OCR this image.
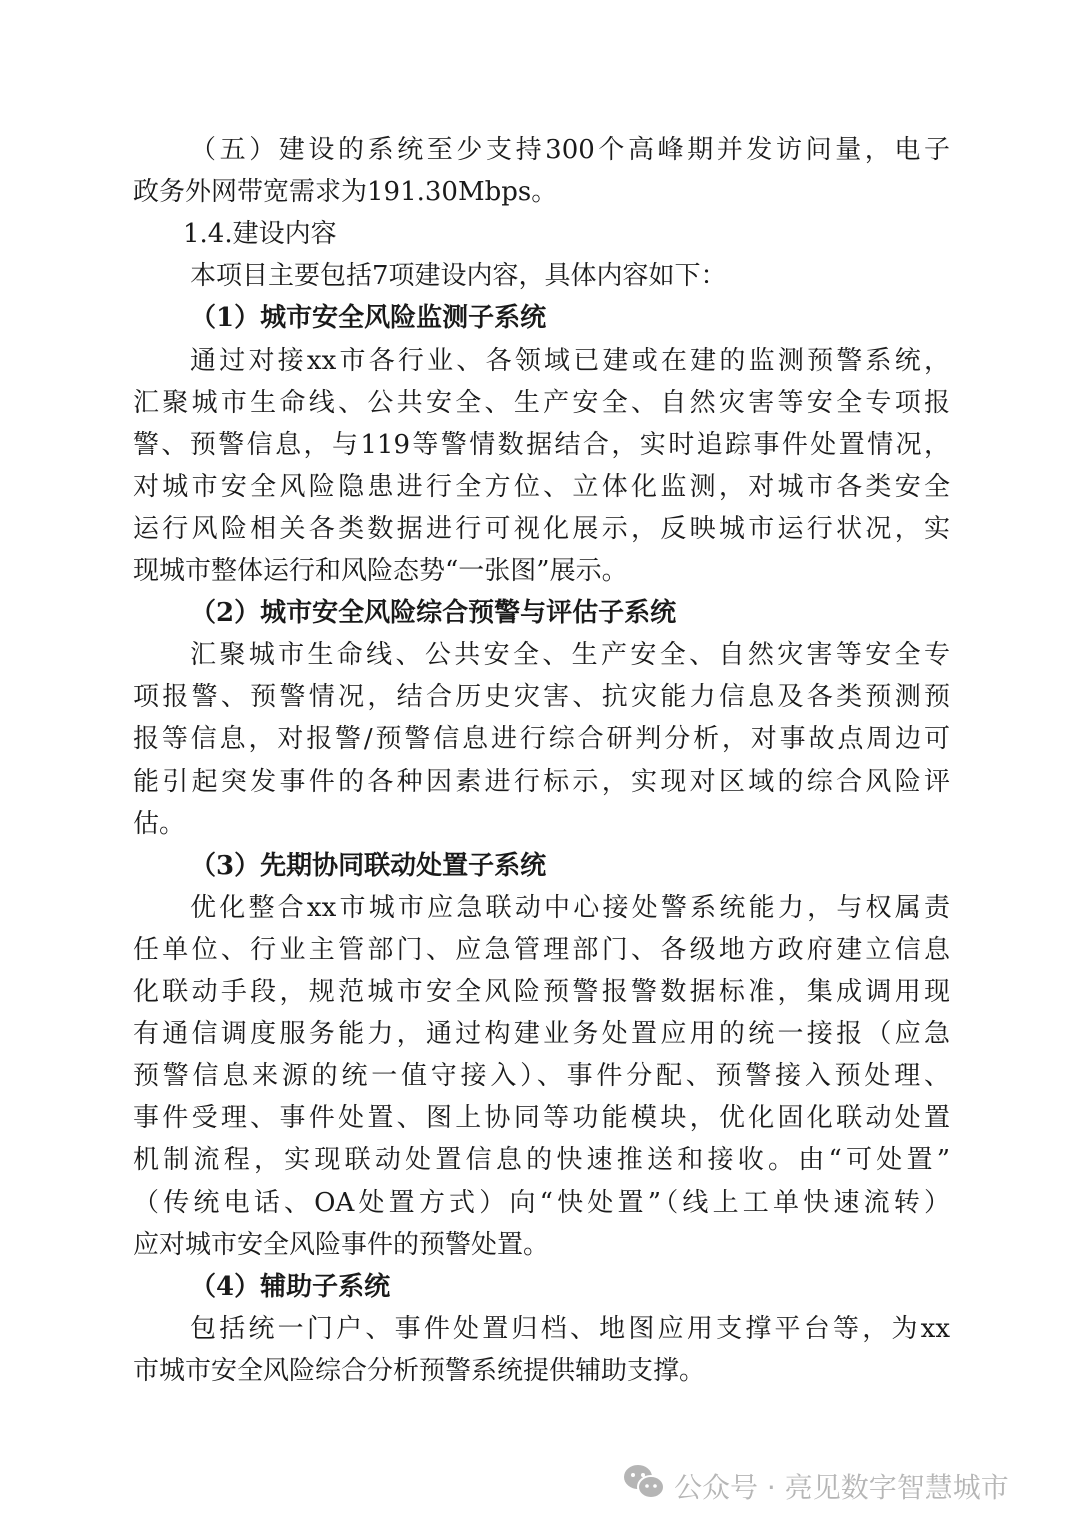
（五）建设的系统至少支持300个高峰期并发访问量，电子
政务外网带宽需求为191.30Mbps。
1.4.建设内容
本项目主要包括7项建设内容，具体内容如下：
（1）城市安全风险监测子系统
通过对接xx市各行业、各领域已建或在建的监测预警系统，
汇聚城市生命线、公共安全、生产安全、自然灾害等安全专项报
警、预警信息，与119等警情数据结合，实时追踪事件处置情况，
对城市安全风险隐患进行全方位、立体化监测，对城市各类安全
运行风险相关各类数据进行可视化展示，反映城市运行状况，实
现城市整体运行和风险态势“一张图”展示。
（2）城市安全风险综合预警与评估子系统
汇聚城市生命线、公共安全、生产安全、自然灾害等安全专
项报警、预警情况，结合历史灾害、抗灾能力信息及各类预测预
报等信息，对报警/预警信息进行综合研判分析，对事故点周边可
能引起突发事件的各种因素进行标示，实现对区域的综合风险评
估。
（3）先期协同联动处置子系统
优化整合xx市城市应急联动中心接处警系统能力，与权属责
任单位、行业主管部门、应急管理部门、各级地方政府建立信息
化联动手段，规范城市安全风险预警报警数据标准，集成调用现
有通信调度服务能力，通过构建业务处置应用的统一接报（应急
预警信息来源的统一值守接入）、事件分配、预警接入预处理、
事件受理、事件处置、图上协同等功能模块，优化固化联动处置
机制流程，实现联动处置信息的快速推送和接收。由“可处置”
（传统电话、OA处置方式）向“快处置”（线上工单快速流转）
应对城市安全风险事件的预警处置。
（4）辅助子系统
包括统一门户、事件处置归档、地图应用支撑平台等，为xx
市城市安全风险综合分析预警系统提供辅助支撑。
公众号 · 亮见数字智慧城市
